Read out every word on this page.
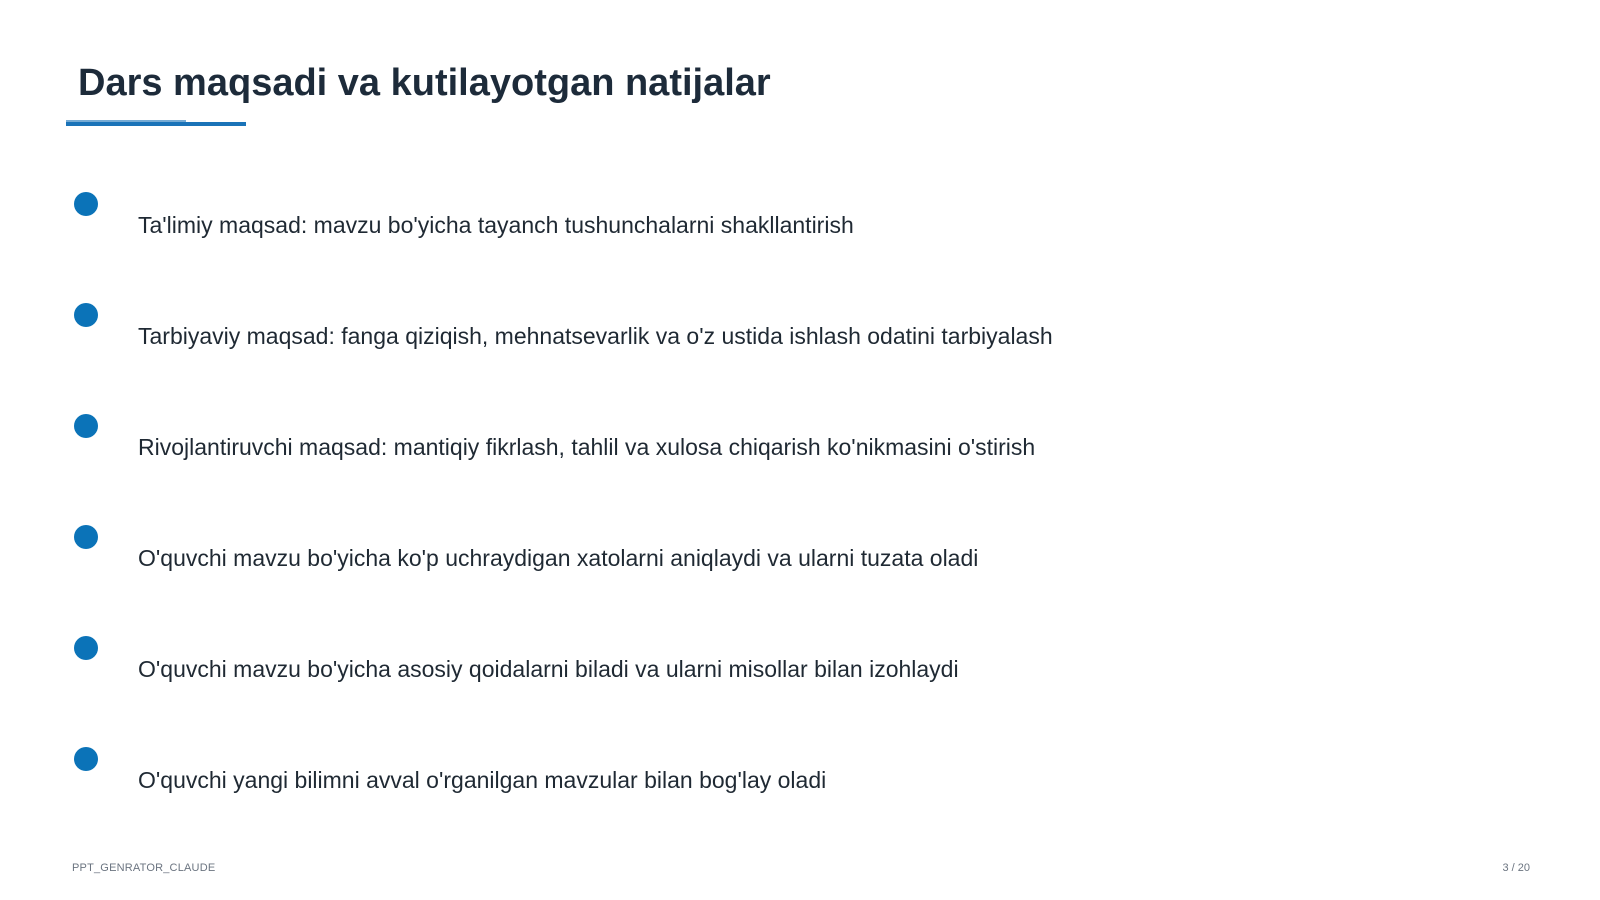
Dars maqsadi va kutilayotgan natijalar
Ta'limiy maqsad: mavzu bo'yicha tayanch tushunchalarni shakllantirish
Tarbiyaviy maqsad: fanga qiziqish, mehnatsevarlik va o'z ustida ishlash odatini tarbiyalash
Rivojlantiruvchi maqsad: mantiqiy fikrlash, tahlil va xulosa chiqarish ko'nikmasini o'stirish
O'quvchi mavzu bo'yicha ko'p uchraydigan xatolarni aniqlaydi va ularni tuzata oladi
O'quvchi mavzu bo'yicha asosiy qoidalarni biladi va ularni misollar bilan izohlaydi
O'quvchi yangi bilimni avval o'rganilgan mavzular bilan bog'lay oladi
PPT_GENRATOR_CLAUDE	3 / 20
